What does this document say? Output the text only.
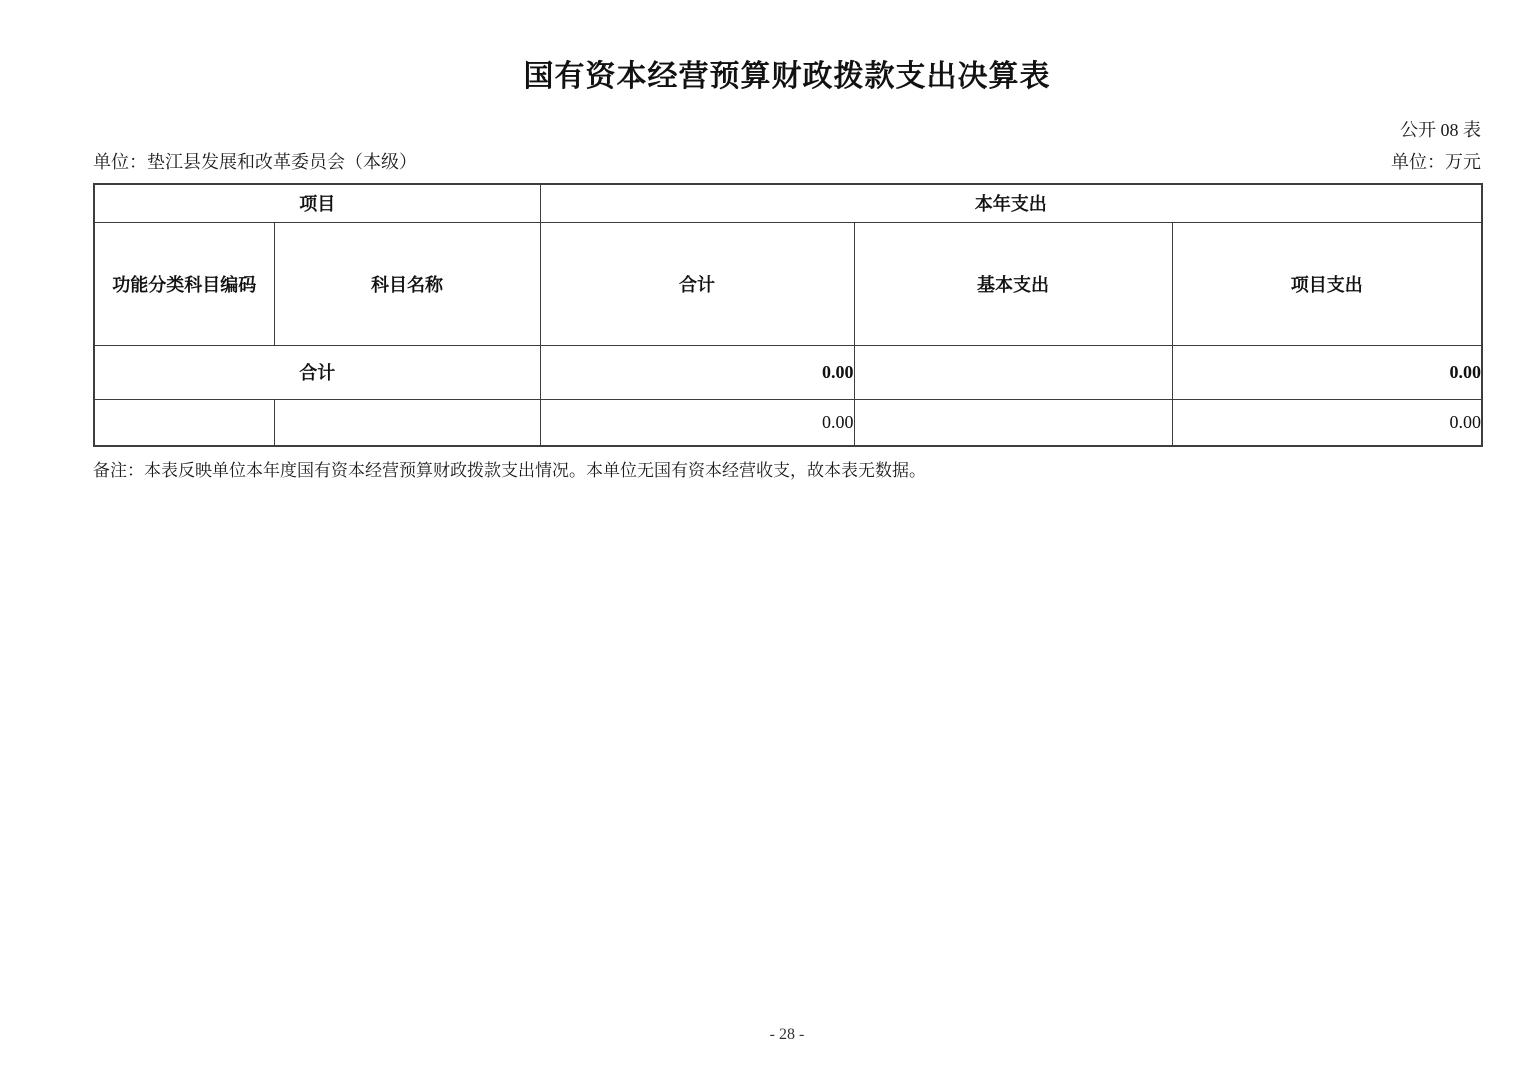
国有资本经营预算财政拨款支出决算表
公开 08 表
单位：垫江县发展和改革委员会（本级）	单位：万元
项目		本年支出		
功能分类科目编码	科目名称	合计	基本支出	项目支出
合计		0.00		0.00
		0.00		0.00
备注：本表反映单位本年度国有资本经营预算财政拨款支出情况。本单位无国有资本经营收支，故本表无数据。
- 28 -
